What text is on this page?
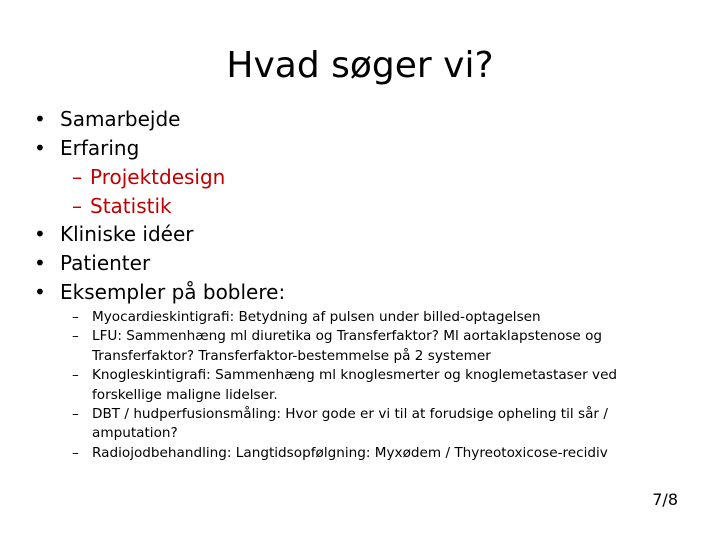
Hvad søger vi?
• Samarbejde
• Erfaring
– Projektdesign
– Statistik
• Kliniske idéer
• Patienter
• Eksempler på boblere:
– Myocardieskintigrafi: Betydning af pulsen under billed-optagelsen
– LFU: Sammenhæng ml diuretika og Transferfaktor? Ml aortaklapstenose og Transferfaktor? Transferfaktor-bestemmelse på 2 systemer
– Knogleskintigrafi: Sammenhæng ml knoglesmerter og knoglemetastaser ved forskellige maligne lidelser.
– DBT / hudperfusionsmåling: Hvor gode er vi til at forudsige opheling til sår / amputation?
– Radiojodbehandling: Langtidsopfølgning: Myxødem / Thyreotoxicose-recidiv
7/8
